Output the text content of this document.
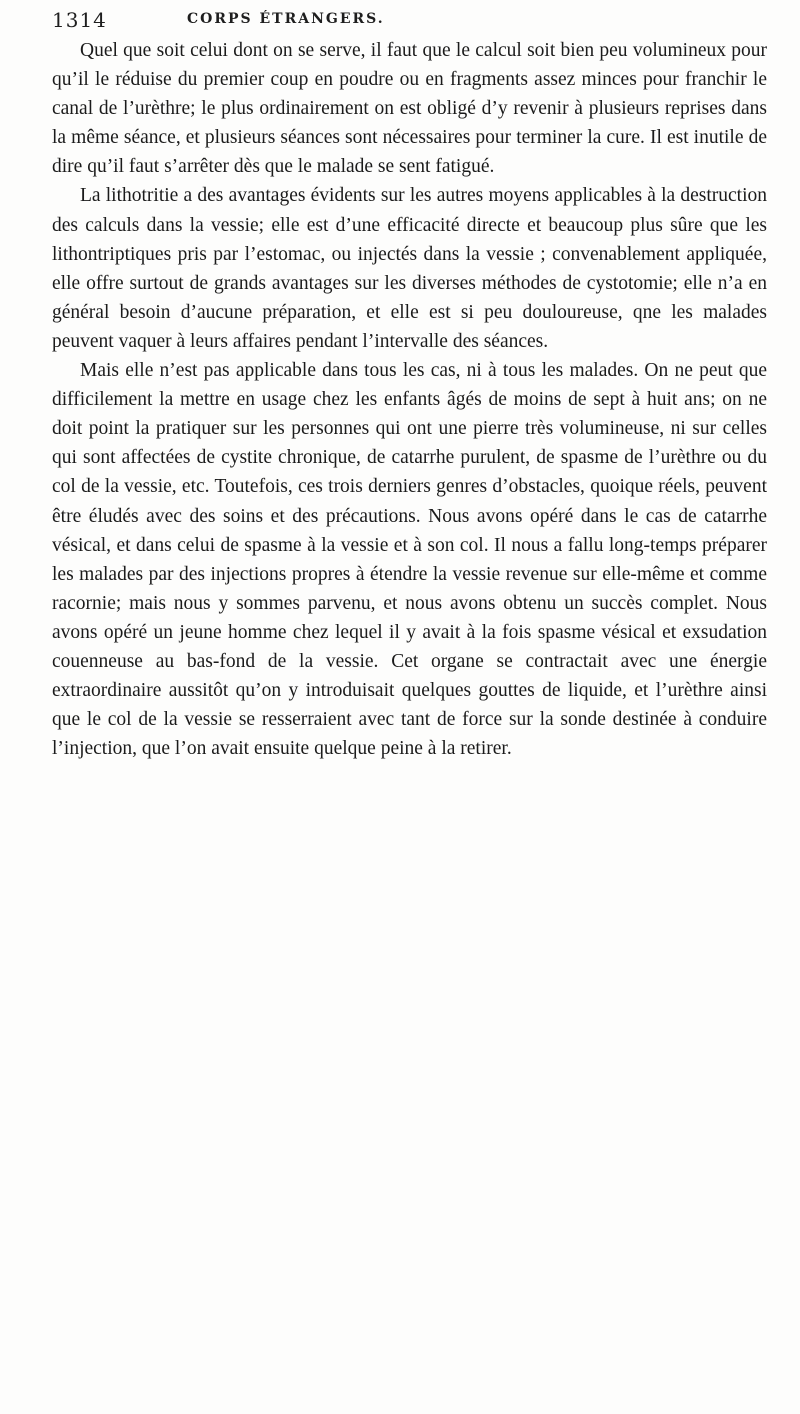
1314	CORPS ÉTRANGERS.

Quel que soit celui dont on se serve, il faut que le calcul soit bien peu volumineux pour qu’il le réduise du premier coup en poudre ou en fragments assez minces pour franchir le canal de l’urèthre; le plus ordinairement on est obligé d’y revenir à plusieurs reprises dans la même séance, et plusieurs séances sont nécessaires pour terminer la cure. Il est inutile de dire qu’il faut s’arrêter dès que le malade se sent fatigué.

La lithotritie a des avantages évidents sur les autres moyens applicables à la destruction des calculs dans la vessie; elle est d’une efficacité directe et beaucoup plus sûre que les lithontriptiques pris par l’estomac, ou injectés dans la vessie ; convenablement appliquée, elle offre surtout de grands avantages sur les diverses méthodes de cystotomie; elle n’a en général besoin d’aucune préparation, et elle est si peu douloureuse, qne les malades peuvent vaquer à leurs affaires pendant l’intervalle des séances.

Mais elle n’est pas applicable dans tous les cas, ni à tous les malades. On ne peut que difficilement la mettre en usage chez les enfants âgés de moins de sept à huit ans; on ne doit point la pratiquer sur les personnes qui ont une pierre très volumineuse, ni sur celles qui sont affectées de cystite chronique, de catarrhe purulent, de spasme de l’urèthre ou du col de la vessie, etc. Toutefois, ces trois derniers genres d’obstacles, quoique réels, peuvent être éludés avec des soins et des précautions. Nous avons opéré dans le cas de catarrhe vésical, et dans celui de spasme à la vessie et à son col. Il nous a fallu long-temps préparer les malades par des injections propres à étendre la vessie revenue sur elle-même et comme racornie; mais nous y sommes parvenu, et nous avons obtenu un succès complet. Nous avons opéré un jeune homme chez lequel il y avait à la fois spasme vésical et exsudation couenneuse au bas-fond de la vessie. Cet organe se contractait avec une énergie extraordinaire aussitôt qu’on y introduisait quelques gouttes de liquide, et l’urèthre ainsi que le col de la vessie se resserraient avec tant de force sur la sonde destinée à conduire l’injection, que l’on avait ensuite quelque peine à la retirer.
